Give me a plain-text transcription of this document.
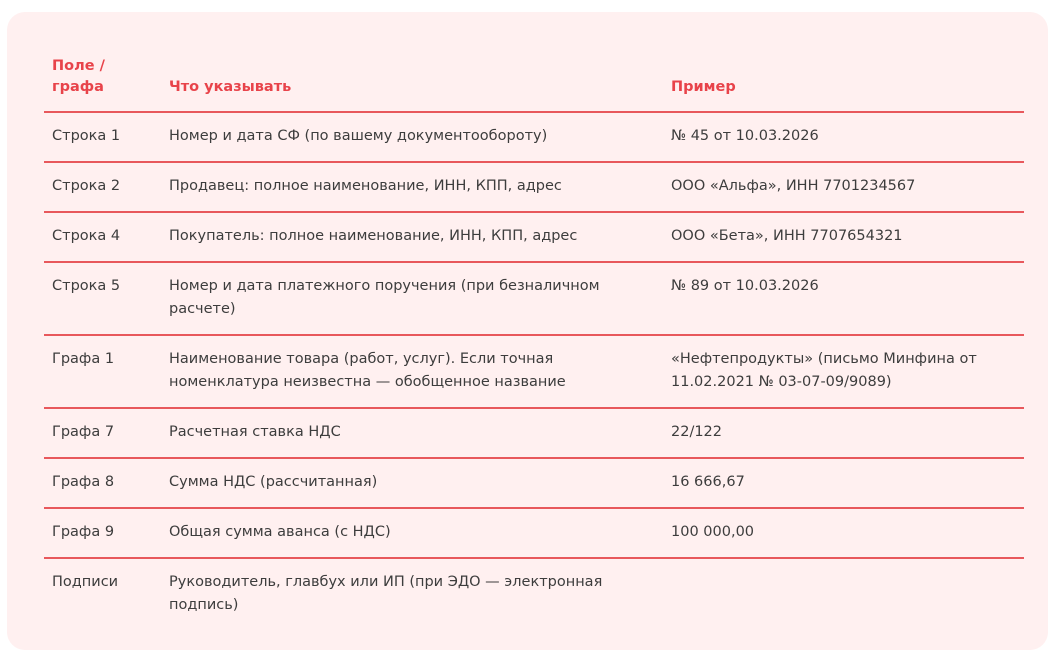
Поле / графа	Что указывать	Пример
Строка 1	Номер и дата СФ (по вашему документообороту)	№ 45 от 10.03.2026
Строка 2	Продавец: полное наименование, ИНН, КПП, адрес	ООО «Альфа», ИНН 7701234567
Строка 4	Покупатель: полное наименование, ИНН, КПП, адрес	ООО «Бета», ИНН 7707654321
Строка 5	Номер и дата платежного поручения (при безналичном расчете)	№ 89 от 10.03.2026
Графа 1	Наименование товара (работ, услуг). Если точная номенклатура неизвестна — обобщенное название	«Нефтепродукты» (письмо Минфина от 11.02.2021 № 03-07-09/9089)
Графа 7	Расчетная ставка НДС	22/122
Графа 8	Сумма НДС (рассчитанная)	16 666,67
Графа 9	Общая сумма аванса (с НДС)	100 000,00
Подписи	Руководитель, главбух или ИП (при ЭДО — электронная подпись)	
